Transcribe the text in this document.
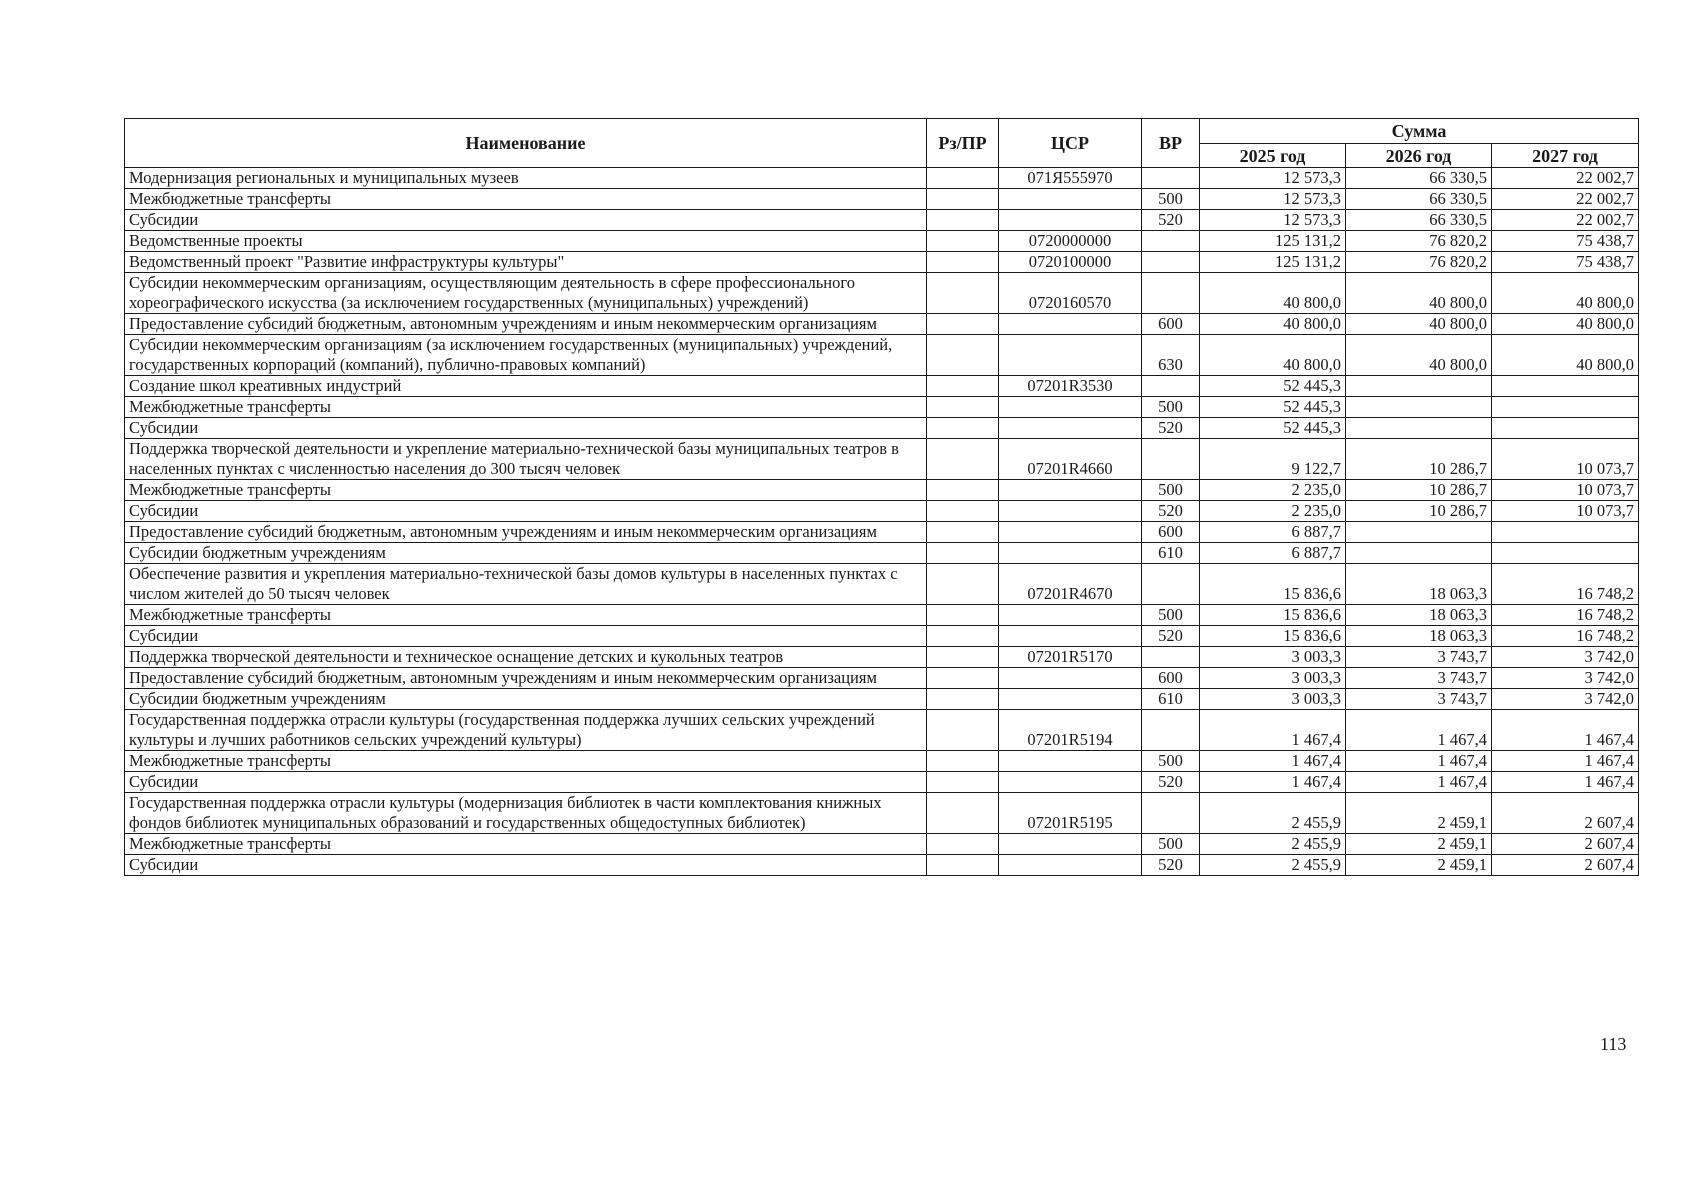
Наименование	Рз/ПР	ЦСР	ВР	Сумма		
				2025 год	2026 год	2027 год
Модернизация региональных и муниципальных музеев		071Я555970		12 573,3	66 330,5	22 002,7
Межбюджетные трансферты			500	12 573,3	66 330,5	22 002,7
Субсидии			520	12 573,3	66 330,5	22 002,7
Ведомственные проекты		0720000000		125 131,2	76 820,2	75 438,7
Ведомственный проект "Развитие инфраструктуры культуры"		0720100000		125 131,2	76 820,2	75 438,7
Субсидии некоммерческим организациям, осуществляющим деятельность в сфере профессионального хореографического искусства (за исключением государственных (муниципальных) учреждений)		0720160570		40 800,0	40 800,0	40 800,0
Предоставление субсидий бюджетным, автономным учреждениям и иным некоммерческим организациям			600	40 800,0	40 800,0	40 800,0
Субсидии некоммерческим организациям (за исключением государственных (муниципальных) учреждений, государственных корпораций (компаний), публично-правовых компаний)			630	40 800,0	40 800,0	40 800,0
Создание школ креативных индустрий		07201R3530		52 445,3		
Межбюджетные трансферты			500	52 445,3		
Субсидии			520	52 445,3		
Поддержка творческой деятельности и укрепление материально-технической базы муниципальных театров в населенных пунктах с численностью населения до 300 тысяч человек		07201R4660		9 122,7	10 286,7	10 073,7
Межбюджетные трансферты			500	2 235,0	10 286,7	10 073,7
Субсидии			520	2 235,0	10 286,7	10 073,7
Предоставление субсидий бюджетным, автономным учреждениям и иным некоммерческим организациям			600	6 887,7		
Субсидии бюджетным учреждениям			610	6 887,7		
Обеспечение развития и укрепления материально-технической базы домов культуры в населенных пунктах с числом жителей до 50 тысяч человек		07201R4670		15 836,6	18 063,3	16 748,2
Межбюджетные трансферты			500	15 836,6	18 063,3	16 748,2
Субсидии			520	15 836,6	18 063,3	16 748,2
Поддержка творческой деятельности и техническое оснащение детских и кукольных театров		07201R5170		3 003,3	3 743,7	3 742,0
Предоставление субсидий бюджетным, автономным учреждениям и иным некоммерческим организациям			600	3 003,3	3 743,7	3 742,0
Субсидии бюджетным учреждениям			610	3 003,3	3 743,7	3 742,0
Государственная поддержка отрасли культуры (государственная поддержка лучших сельских учреждений культуры и лучших работников сельских учреждений культуры)		07201R5194		1 467,4	1 467,4	1 467,4
Межбюджетные трансферты			500	1 467,4	1 467,4	1 467,4
Субсидии			520	1 467,4	1 467,4	1 467,4
Государственная поддержка отрасли культуры (модернизация библиотек в части комплектования книжных фондов библиотек муниципальных образований и государственных общедоступных библиотек)		07201R5195		2 455,9	2 459,1	2 607,4
Межбюджетные трансферты			500	2 455,9	2 459,1	2 607,4
Субсидии			520	2 455,9	2 459,1	2 607,4
113
